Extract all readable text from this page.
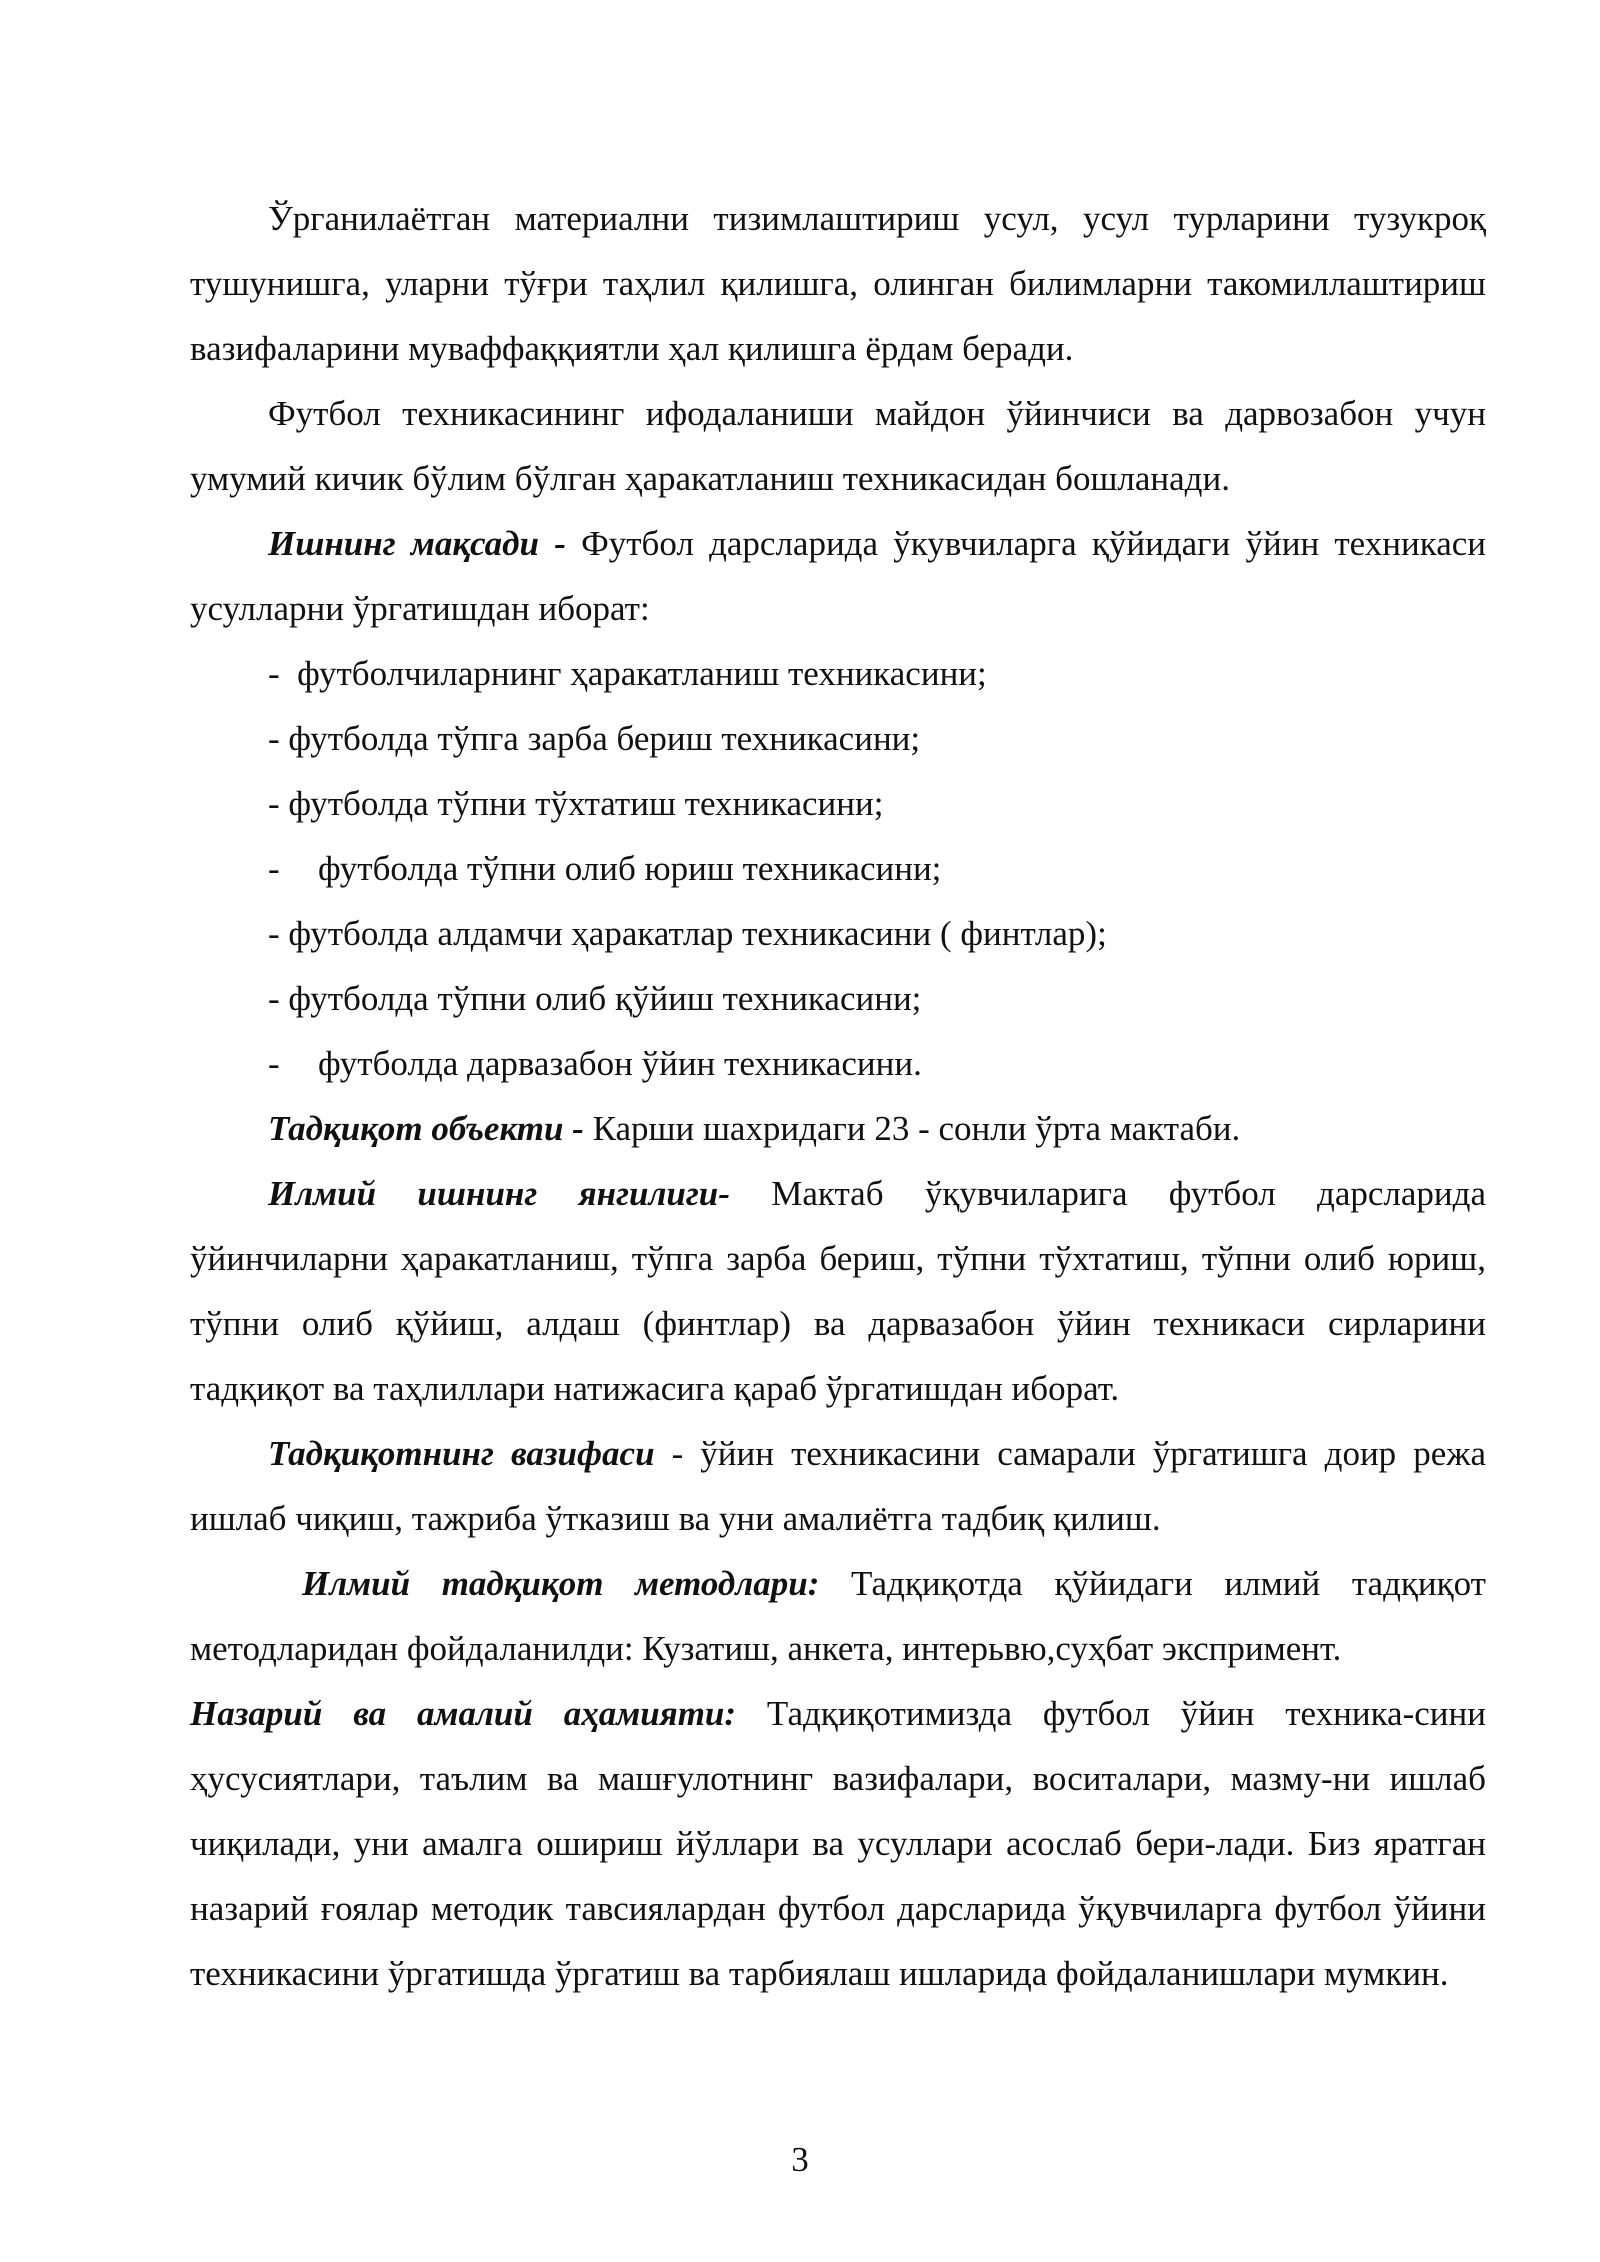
Ўрганилаётган материални тизимлаштириш усул, усул турларини тузукроқ тушунишга, уларни тўғри таҳлил қилишга, олинган билимларни такомиллаштириш вазифаларини муваффаққиятли ҳал қилишга ёрдам беради.

Футбол техникасининг ифодаланиши майдон ўйинчиси ва дарвозабон учун умумий кичик бўлим бўлган ҳаракатланиш техникасидан бошланади.

Ишнинг мақсади - Футбол дарсларида ўкувчиларга қўйидаги ўйин техникаси усулларни ўргатишдан иборат:

-  футболчиларнинг ҳаракатланиш техникасини;

- футболда тўпга зарба бериш техникасини;

- футболда тўпни тўхтатиш техникасини;

- футболда тўпни олиб юриш техникасини;

- футболда алдамчи ҳаракатлар техникасини ( финтлар);

- футболда тўпни олиб қўйиш техникасини;

- футболда дарвазабон ўйин техникасини.

Тадқиқот объекти - Карши шахридаги 23 - сонли ўрта мактаби.

Илмий ишнинг янгилиги- Мактаб ўқувчиларига футбол дарсларида ўйинчиларни ҳаракатланиш, тўпга зарба бериш, тўпни тўхтатиш, тўпни олиб юриш, тўпни олиб қўйиш, алдаш (финтлар) ва дарвазабон ўйин техникаси сирларини тадқиқот ва таҳлиллари натижасига қараб ўргатишдан иборат.

Тадқиқотнинг вазифаси - ўйин техникасини самарали ўргатишга доир режа ишлаб чиқиш, тажриба ўтказиш ва уни амалиётга тадбиқ қилиш.

Илмий тадқиқот методлари: Тадқиқотда қўйидаги илмий тадқиқот методларидан фойдаланилди: Кузатиш, анкета, интерьвю,суҳбат экспримент.

Назарий ва амалий аҳамияти: Тадқиқотимизда футбол ўйин техника-сини ҳусусиятлари, таълим ва машғулотнинг вазифалари, воситалари, мазму-ни ишлаб чиқилади, уни амалга ошириш йўллари ва усуллари асослаб бери-лади. Биз яратган назарий ғоялар методик тавсиялардан футбол дарсларида ўқувчиларга футбол ўйини техникасини ўргатишда ўргатиш ва тарбиялаш ишларида фойдаланишлари мумкин.

3
